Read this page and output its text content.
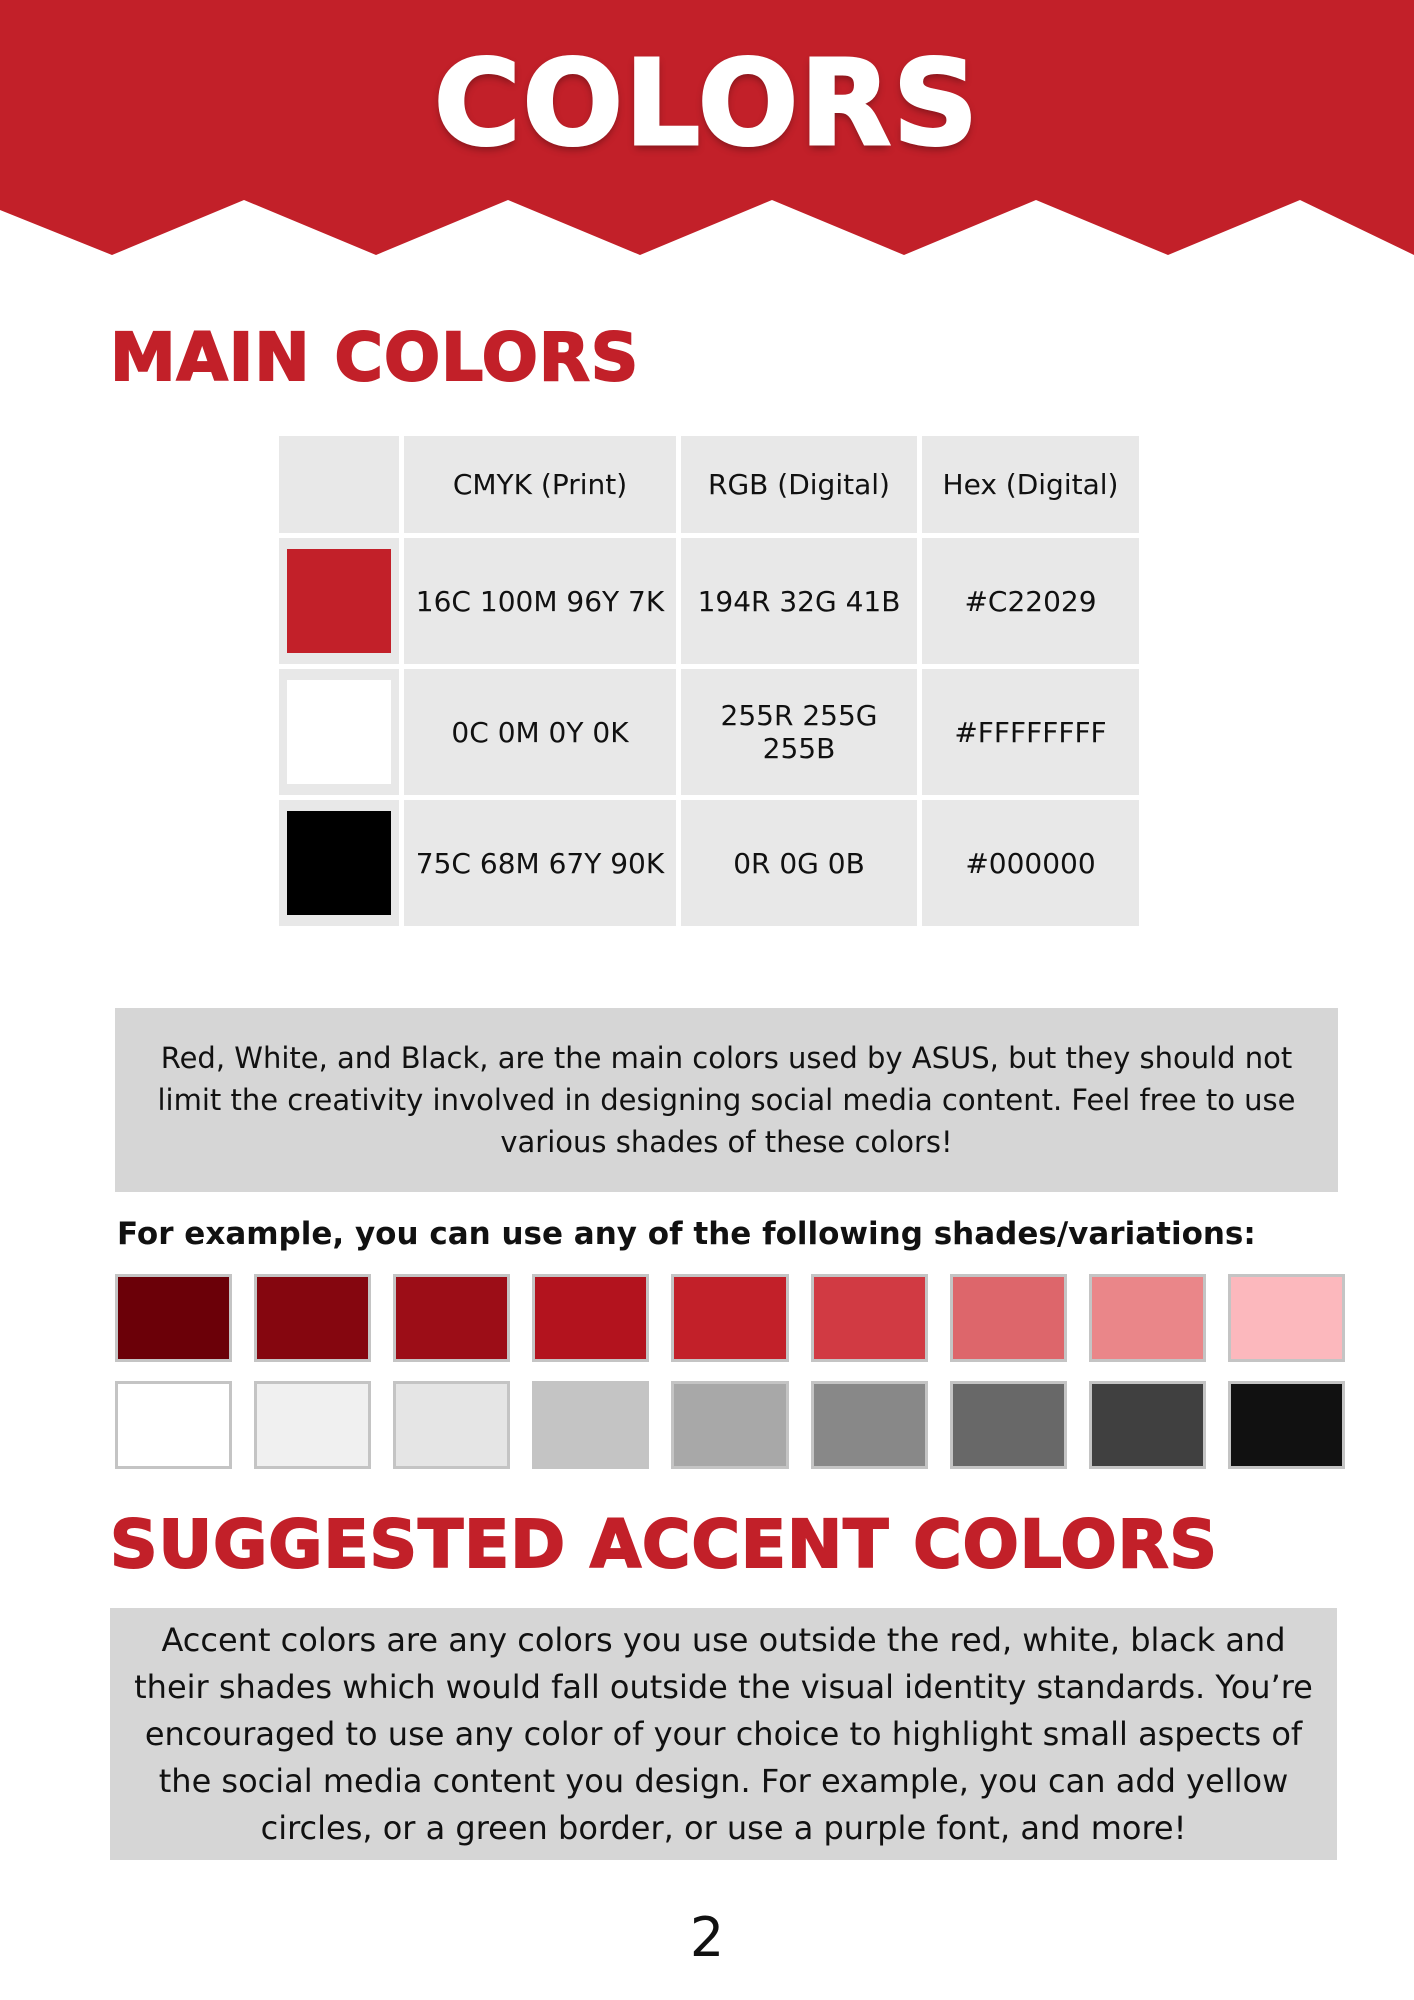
COLORS
MAIN COLORS
	CMYK (Print)	RGB (Digital)	Hex (Digital)

	16C 100M 96Y 7K	194R 32G 41B	#C22029

	0C 0M 0Y 0K	255R 255G 255B	#FFFFFFFF

	75C 68M 67Y 90K	0R 0G 0B	#000000
Red, White, and Black, are the main colors used by ASUS, but they should not limit the creativity involved in designing social media content. Feel free to use various shades of these colors!
For example, you can use any of the following shades/variations:
SUGGESTED ACCENT COLORS
Accent colors are any colors you use outside the red, white, black and their shades which would fall outside the visual identity standards. You’re encouraged to use any color of your choice to highlight small aspects of the social media content you design. For example, you can add yellow circles, or a green border, or use a purple font, and more!
2
